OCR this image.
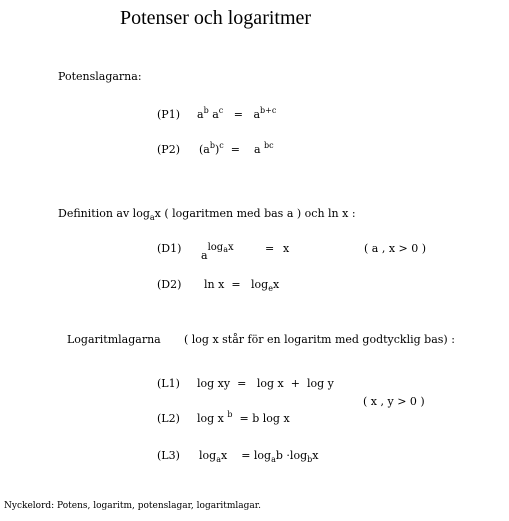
Potenser och logaritmer
Potenslagarna:
(P1) $a^b$ $a^c = a^{b+c}$
(P2) $(a^b)^c = a$ $^{bc}$
Definition av $\log_ax$ ( logaritmen med bas a ) och ln x :
(D1)
alog$_a$x	= x	( a , x > 0 )
(D2) $\ln x = \log_ex$
Logaritmlagarna ( log x står för en logaritm med godtycklig bas) :
(L1) log xy = log x + log y
( x , y > 0 )
(L2) log x $^b$ = b log x
(L3) $\log_ax = \log_ab \cdot\log_bx$
Nyckelord: Potens, logaritm, potenslagar, logaritmlagar.
